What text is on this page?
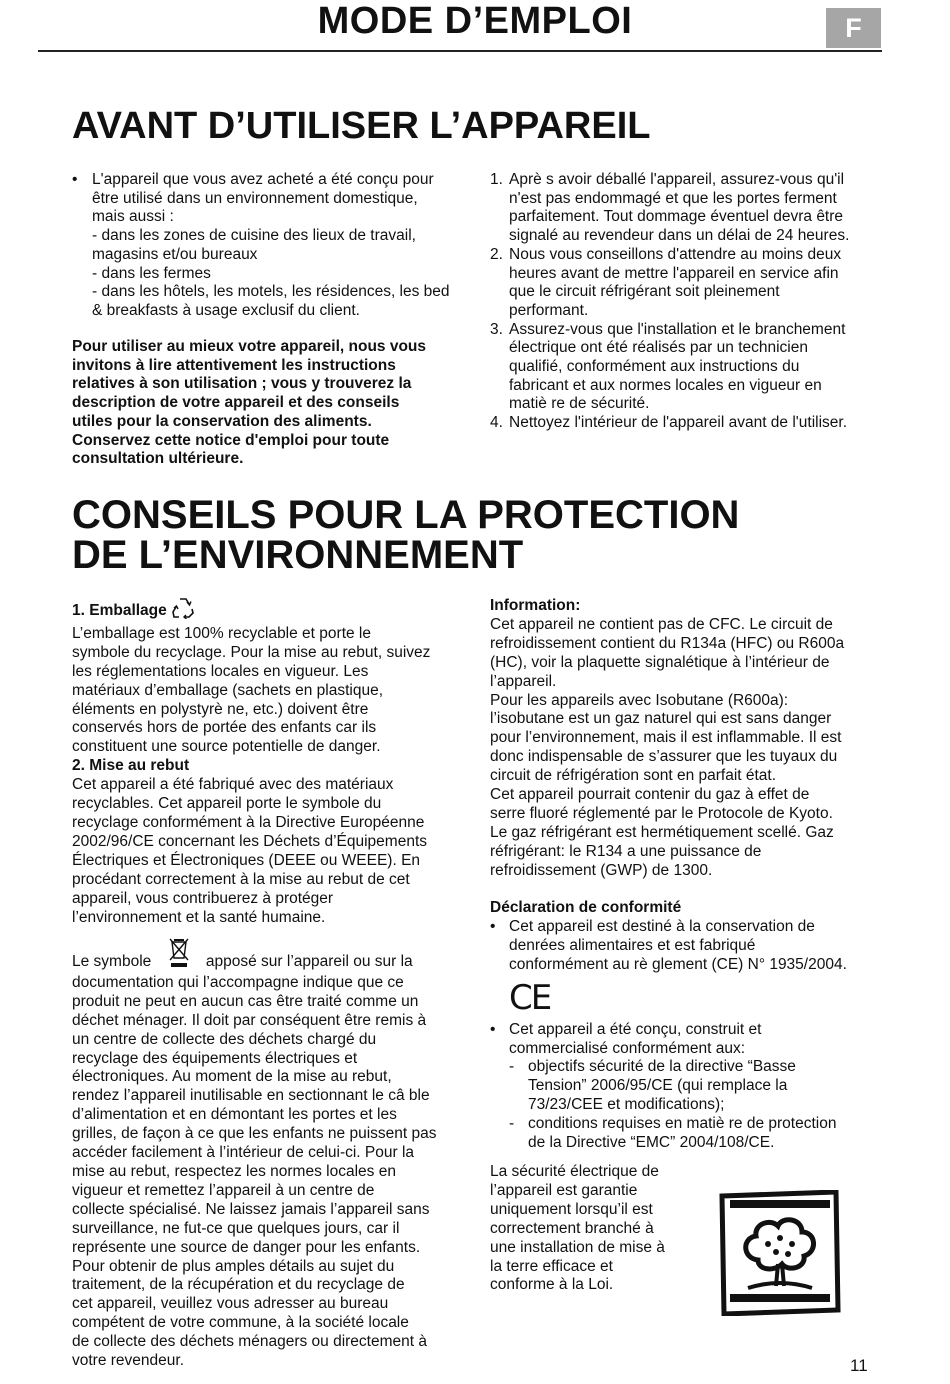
MODE D’EMPLOI	F
AVANT D’UTILISER L’APPAREIL
• L'appareil que vous avez acheté a été conçu pour
être utilisé dans un environnement domestique,
mais aussi :
- dans les zones de cuisine des lieux de travail,
magasins et/ou bureaux
- dans les fermes
- dans les hôtels, les motels, les résidences, les bed
& breakfasts à usage exclusif du client.
Pour utiliser au mieux votre appareil, nous vous
invitons à lire attentivement les instructions
relatives à son utilisation ; vous y trouverez la
description de votre appareil et des conseils
utiles pour la conservation des aliments.
Conservez cette notice d'emploi pour toute
consultation ultérieure.
1. Aprè s avoir déballé l'appareil, assurez-vous qu'il
n'est pas endommagé et que les portes ferment
parfaitement. Tout dommage éventuel devra être
signalé au revendeur dans un délai de 24 heures.
2. Nous vous conseillons d'attendre au moins deux
heures avant de mettre l'appareil en service afin
que le circuit réfrigérant soit pleinement
performant.
3. Assurez-vous que l'installation et le branchement
électrique ont été réalisés par un technicien
qualifié, conformément aux instructions du
fabricant et aux normes locales en vigueur en
matiè re de sécurité.
4. Nettoyez l'intérieur de l'appareil avant de l'utiliser.
CONSEILS POUR LA PROTECTION
DE L’ENVIRONNEMENT
1. Emballage
L’emballage est 100% recyclable et porte le
symbole du recyclage. Pour la mise au rebut, suivez
les réglementations locales en vigueur. Les
matériaux d’emballage (sachets en plastique,
éléments en polystyrè ne, etc.) doivent être
conservés hors de portée des enfants car ils
constituent une source potentielle de danger.
2. Mise au rebut
Cet appareil a été fabriqué avec des matériaux
recyclables. Cet appareil porte le symbole du
recyclage conformément à la Directive Européenne
2002/96/CE concernant les Déchets d’Équipements
Électriques et Électroniques (DEEE ou WEEE). En
procédant correctement à la mise au rebut de cet
appareil, vous contribuerez à protéger
l’environnement et la santé humaine.
Le symbole	apposé sur l’appareil ou sur la
documentation qui l’accompagne indique que ce
produit ne peut en aucun cas être traité comme un
déchet ménager. Il doit par conséquent être remis à
un centre de collecte des déchets chargé du
recyclage des équipements électriques et
électroniques. Au moment de la mise au rebut,
rendez l’appareil inutilisable en sectionnant le câ ble
d’alimentation et en démontant les portes et les
grilles, de façon à ce que les enfants ne puissent pas
accéder facilement à l’intérieur de celui-ci. Pour la
mise au rebut, respectez les normes locales en
vigueur et remettez l’appareil à un centre de
collecte spécialisé. Ne laissez jamais l’appareil sans
surveillance, ne fut-ce que quelques jours, car il
représente une source de danger pour les enfants.
Pour obtenir de plus amples détails au sujet du
traitement, de la récupération et du recyclage de
cet appareil, veuillez vous adresser au bureau
compétent de votre commune, à la société locale
de collecte des déchets ménagers ou directement à
votre revendeur.
Information:
Cet appareil ne contient pas de CFC. Le circuit de
refroidissement contient du R134a (HFC) ou R600a
(HC), voir la plaquette signalétique à l’intérieur de
l’appareil.
Pour les appareils avec Isobutane (R600a):
l’isobutane est un gaz naturel qui est sans danger
pour l’environnement, mais il est inflammable. Il est
donc indispensable de s’assurer que les tuyaux du
circuit de réfrigération sont en parfait état.
Cet appareil pourrait contenir du gaz à effet de
serre fluoré réglementé par le Protocole de Kyoto.
Le gaz réfrigérant est hermétiquement scellé. Gaz
réfrigérant: le R134 a une puissance de
refroidissement (GWP) de 1300.
Déclaration de conformité
• Cet appareil est destiné à la conservation de
denrées alimentaires et est fabriqué
conformément au rè glement (CE) N° 1935/2004.
CE
• Cet appareil a été conçu, construit et
commercialisé conformément aux:
- objectifs sécurité de la directive “Basse
Tension” 2006/95/CE (qui remplace la
73/23/CEE et modifications);
- conditions requises en matiè re de protection
de la Directive “EMC” 2004/108/CE.
La sécurité électrique de
l’appareil est garantie
uniquement lorsqu’il est
correctement branché à
une installation de mise à
la terre efficace et
conforme à la Loi.
11
